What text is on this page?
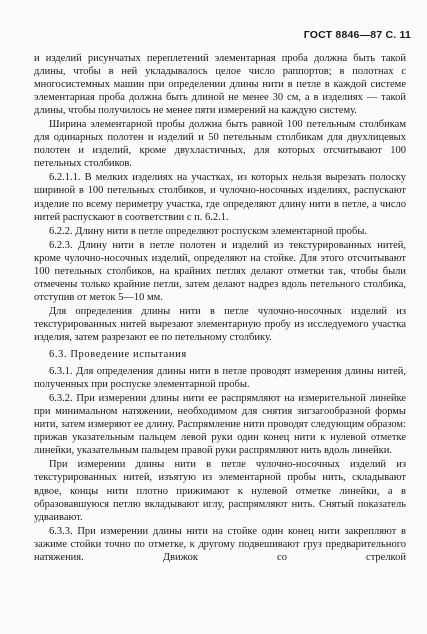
ГОСТ 8846—87 С. 11

и изделий рисунчатых переплетений элементарная проба должна быть такой длины, чтобы в ней укладывалось целое число раппортов; в полотнах с многосистемных машин при определении длины нити в петле в каждой системе элементарная проба должна быть длиной не менее 30 см, а в изделиях — такой длины, чтобы получилось не менее пяти измерений на каждую систему.

Ширина элементарной пробы должна быть равной 100 петельным столбикам для одинарных полотен и изделий и 50 петельным столбикам для двухлицевых полотен и изделий, кроме двухластичных, для которых отсчитывают 100 петельных столбиков.

6.2.1.1. В мелких изделиях на участках, из которых нельзя вырезать полоску шириной в 100 петельных столбиков, и чулочно-носочных изделиях, распускают изделие по всему периметру участка, где определяют длину нити в петле, а число нитей распускают в соответствии с п. 6.2.1.

6.2.2. Длину нити в петле определяют роспуском элементарной пробы.

6.2.3. Длину нити в петле полотен и изделий из текстурированных нитей, кроме чулочно-носочных изделий, определяют на стойке. Для этого отсчитывают 100 петельных столбиков, на крайних петлях делают отметки так, чтобы были отмечены только крайние петли, затем делают надрез вдоль петельного столбика, отступив от меток 5—10 мм.

Для определения длины нити в петле чулочно-носочных изделий из текстурированных нитей вырезают элементарную пробу из исследуемого участка изделия, затем разрезают ее по петельному столбику.

6.3. Проведение испытания

6.3.1. Для определения длины нити в петле проводят измерения длины нитей, полученных при роспуске элементарной пробы.

6.3.2. При измерении длины нити ее распрямляют на измерительной линейке при минимальном натяжении, необходимом для снятия зигзагообразной формы нити, затем измеряют ее длину. Распрямление нити проводят следующим образом: прижав указательным пальцем левой руки один конец нити к нулевой отметке линейки, указательным пальцем правой руки распрямляют нить вдоль линейки.

При измерении длины нити в петле чулочно-носочных изделий из текстурированных нитей, изъятую из элементарной пробы нить, складывают вдвое, концы нити плотно прижимают к нулевой отметке линейки, а в образовавшуюся петлю вкладывают иглу, распрямляют нить. Снятый показатель удваивают.

6.3.3. При измерении длины нити на стойке один конец нити закрепляют в зажиме стойки точно по отметке, к другому подвешивают груз предварительного натяжения. Движок со стрелкой
